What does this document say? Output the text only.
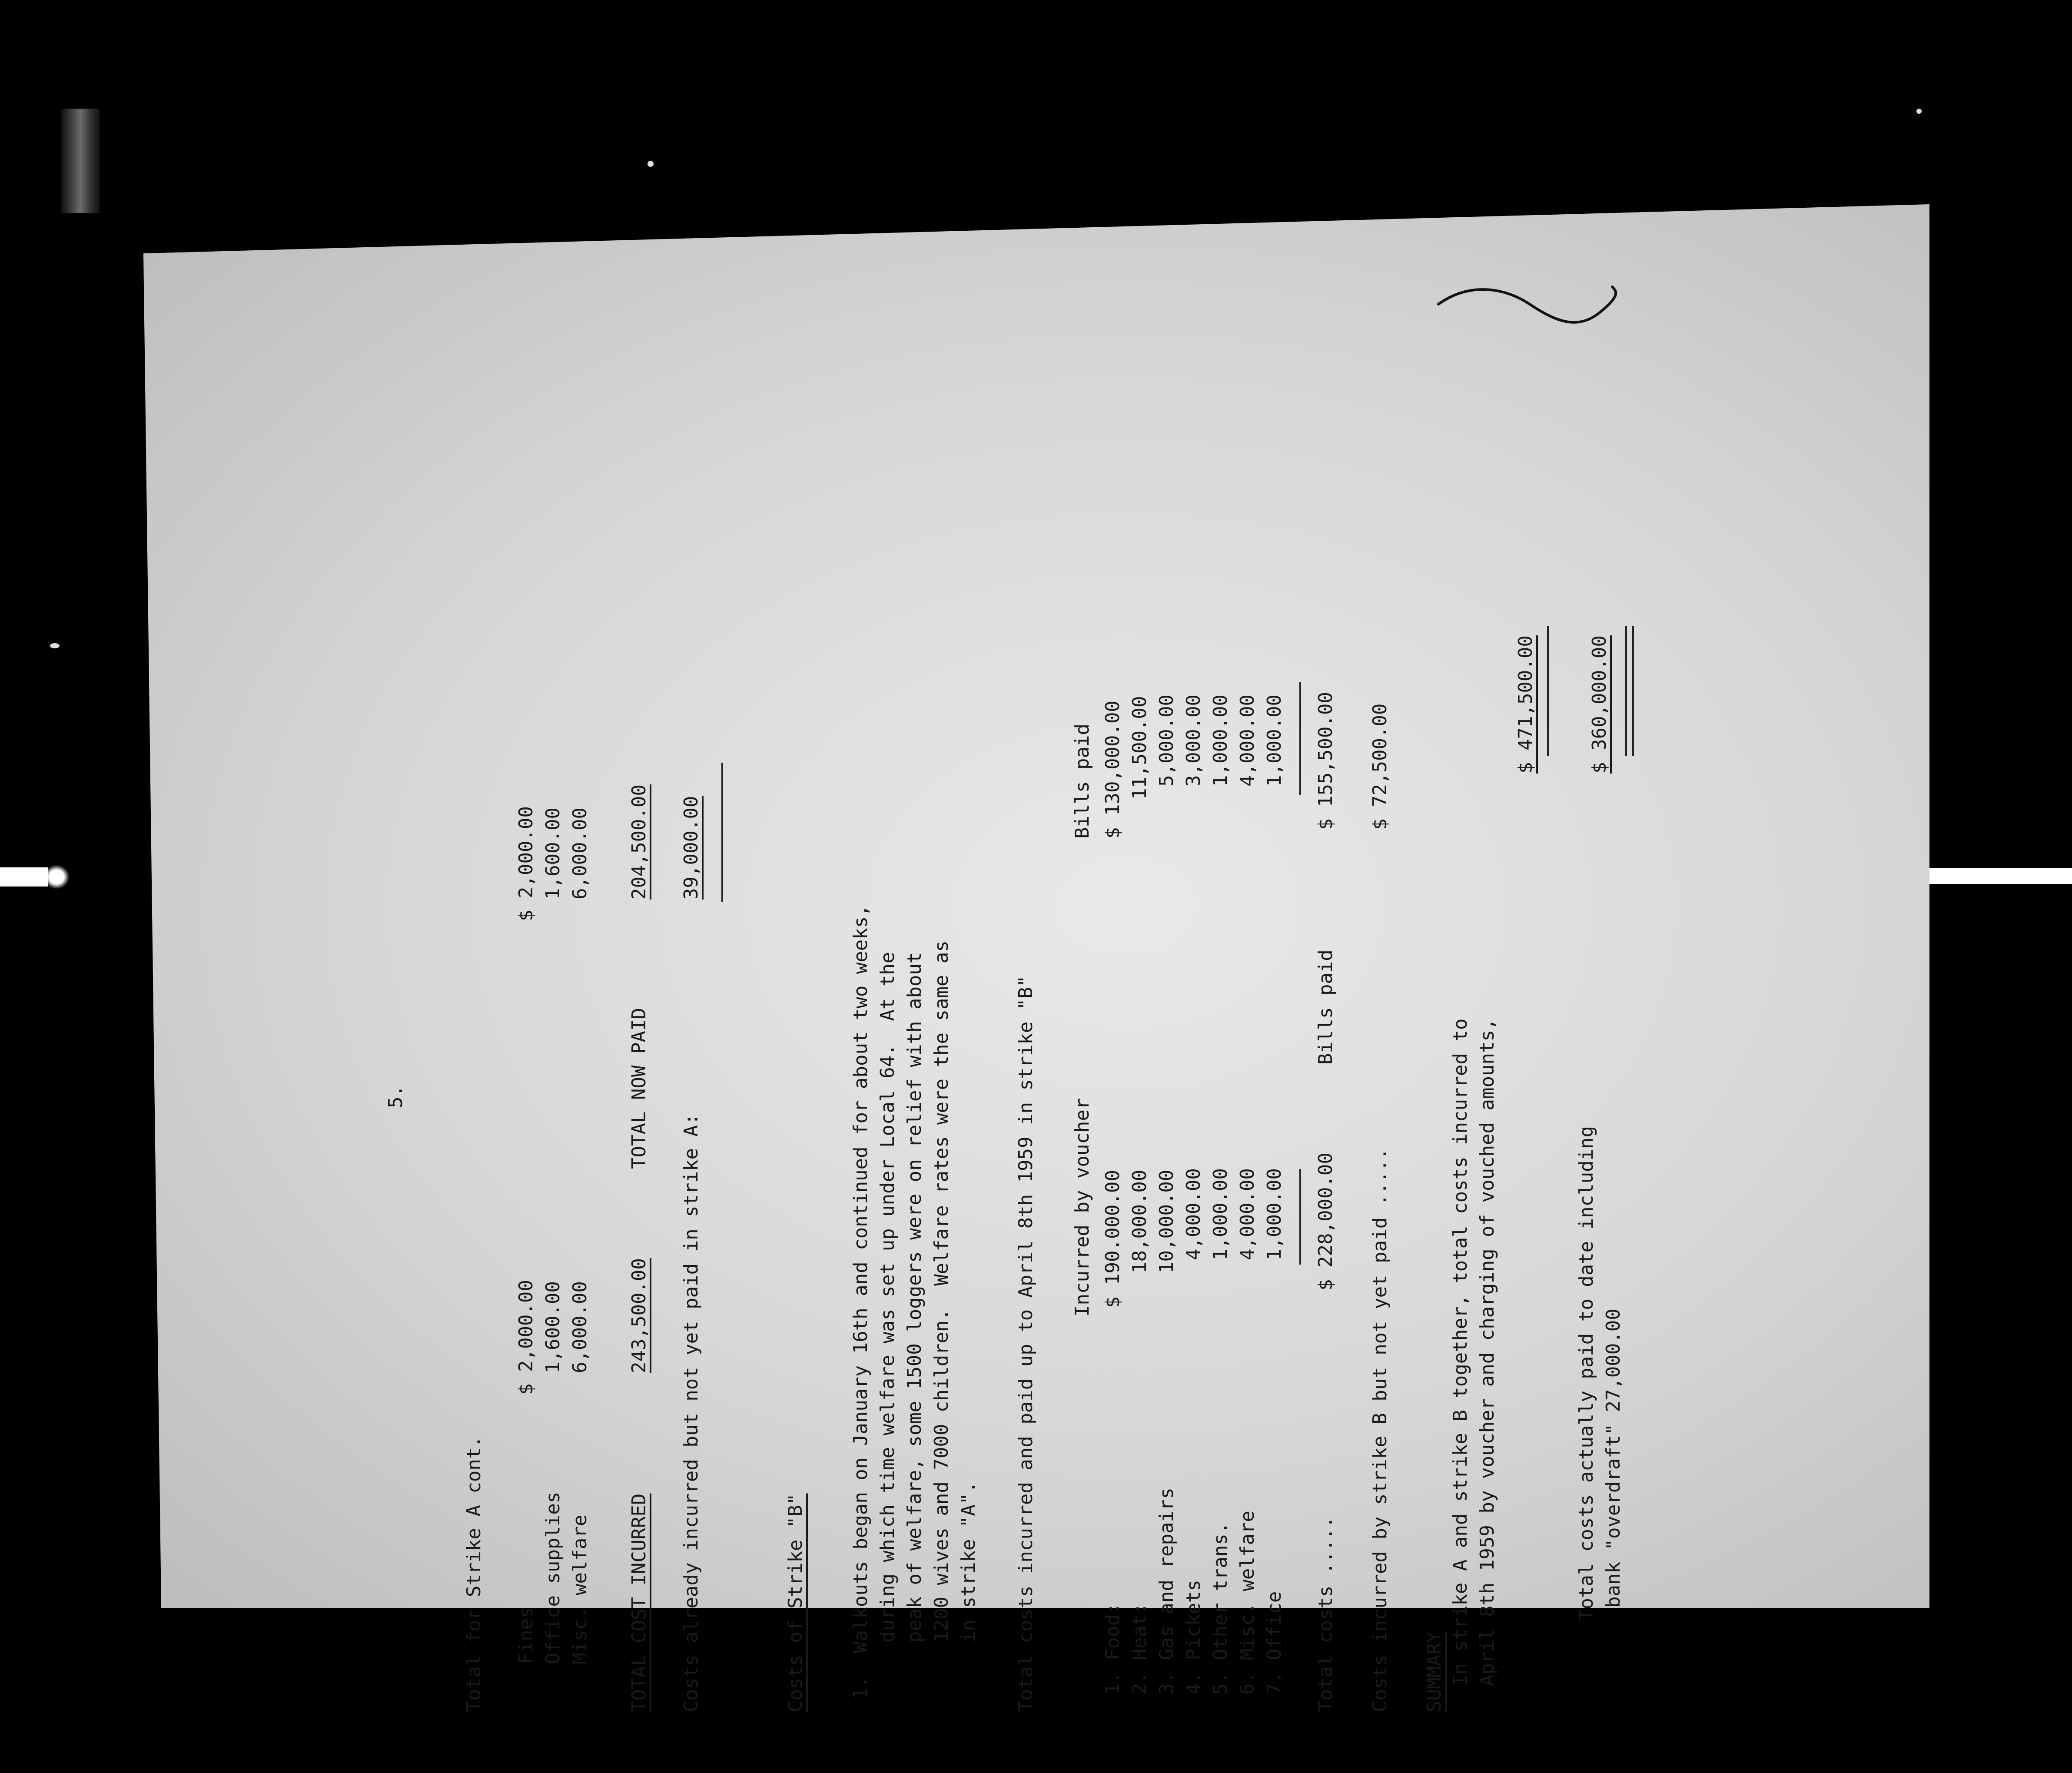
5.
Total for Strike A cont. Fines Office supplies Misc. welfare
$ 2,000.00 1,600.00 6,000.00
$ 2,000.00 1,600.00 6,000.00
TOTAL COST INCURRED
243,500.00
TOTAL NOW PAID
204,500.00
Costs already incurred but not yet paid in strike A:
39,000.00
Costs of Strike "B" 1.  Walkouts began on January 16th and continued for about two weeks, during which time welfare was set up under Local 64.  At the peak of welfare, some 1500 loggers were on relief with about 1200 wives and 7000 children.  Welfare rates were the same as in strike "A". Total costs incurred and paid up to April 8th 1959 in strike "B" Incurred by voucher
Bills paid
1. Food: 2. Heat: 3. Gas and repairs 4. Pickets 5. Other trans. 6. Misc. welfare 7. Office
$ 190.000.00 18,000.00 10,000.00 4,000.00 1,000.00 4,000.00 1,000.00
$ 130,000.00 11,500.00 5,000.00 3,000.00 1,000.00 4,000.00 1,000.00
Total costs .....
$ 228,000.00
Bills paid
$ 155,500.00
Costs incurred by strike B but not yet paid .....
$ 72,500.00
SUMMARY In strike A and strike B together, total costs incurred to April 8th 1959 by voucher and charging of vouched amounts,
$ 471,500.00
Total costs actually paid to date including bank "overdraft" 27,000.00
$ 360,000.00
